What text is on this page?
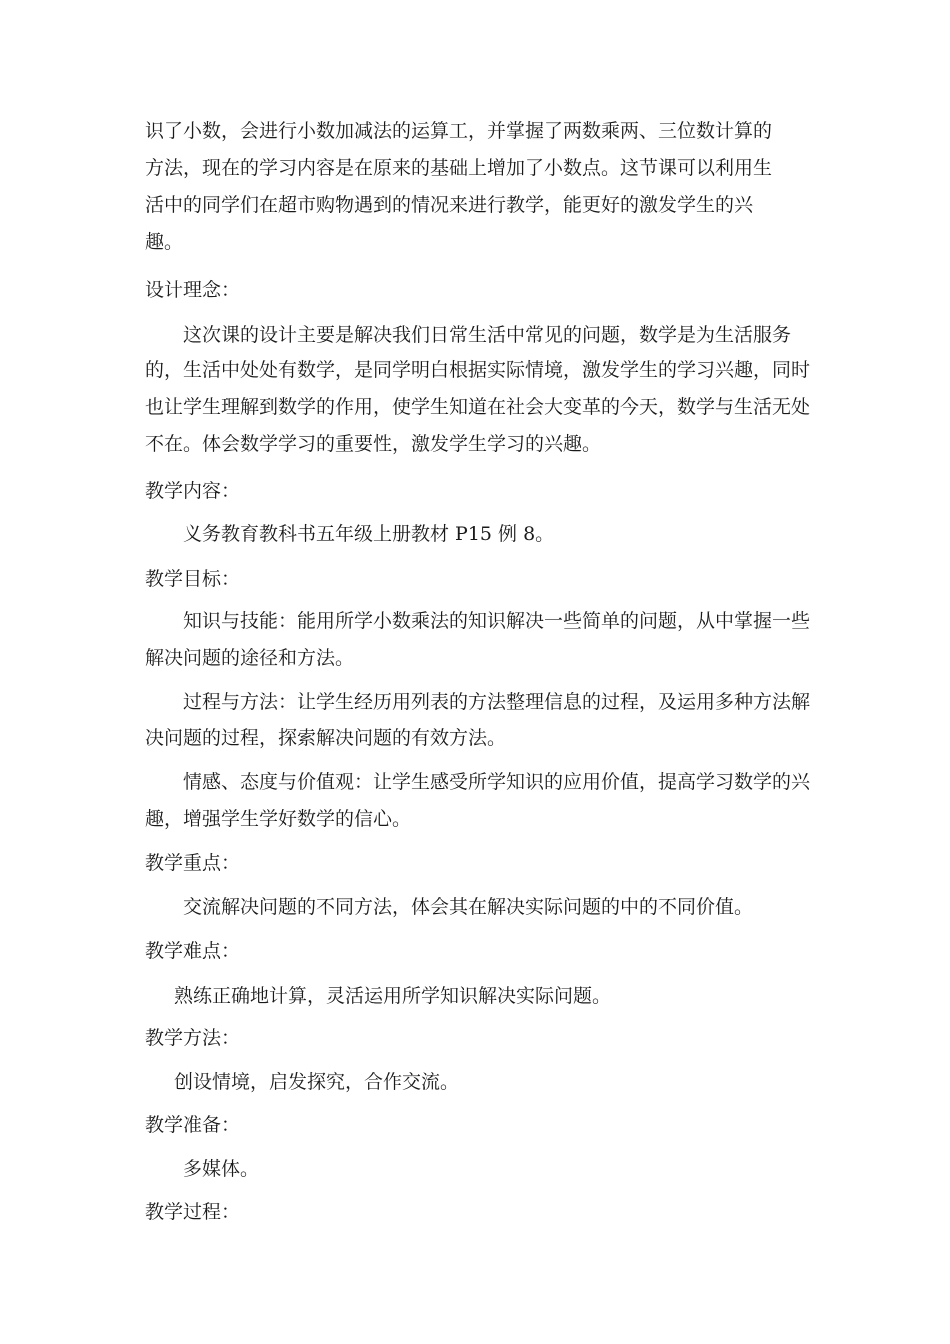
识了小数，会进行小数加减法的运算工，并掌握了两数乘两、三位数计算的
方法，现在的学习内容是在原来的基础上增加了小数点。这节课可以利用生
活中的同学们在超市购物遇到的情况来进行教学，能更好的激发学生的兴
趣。
设计理念：
这次课的设计主要是解决我们日常生活中常见的问题，数学是为生活服务
的，生活中处处有数学，是同学明白根据实际情境，激发学生的学习兴趣，同时
也让学生理解到数学的作用，使学生知道在社会大变革的今天，数学与生活无处
不在。体会数学学习的重要性，激发学生学习的兴趣。
教学内容：
义务教育教科书五年级上册教材 P15 例 8。
教学目标：
知识与技能：能用所学小数乘法的知识解决一些简单的问题，从中掌握一些
解决问题的途径和方法。
过程与方法：让学生经历用列表的方法整理信息的过程，及运用多种方法解
决问题的过程，探索解决问题的有效方法。
情感、态度与价值观：让学生感受所学知识的应用价值，提高学习数学的兴
趣，增强学生学好数学的信心。
教学重点：
交流解决问题的不同方法，体会其在解决实际问题的中的不同价值。
教学难点：
熟练正确地计算，灵活运用所学知识解决实际问题。
教学方法：
创设情境，启发探究，合作交流。
教学准备：
多媒体。
教学过程：
